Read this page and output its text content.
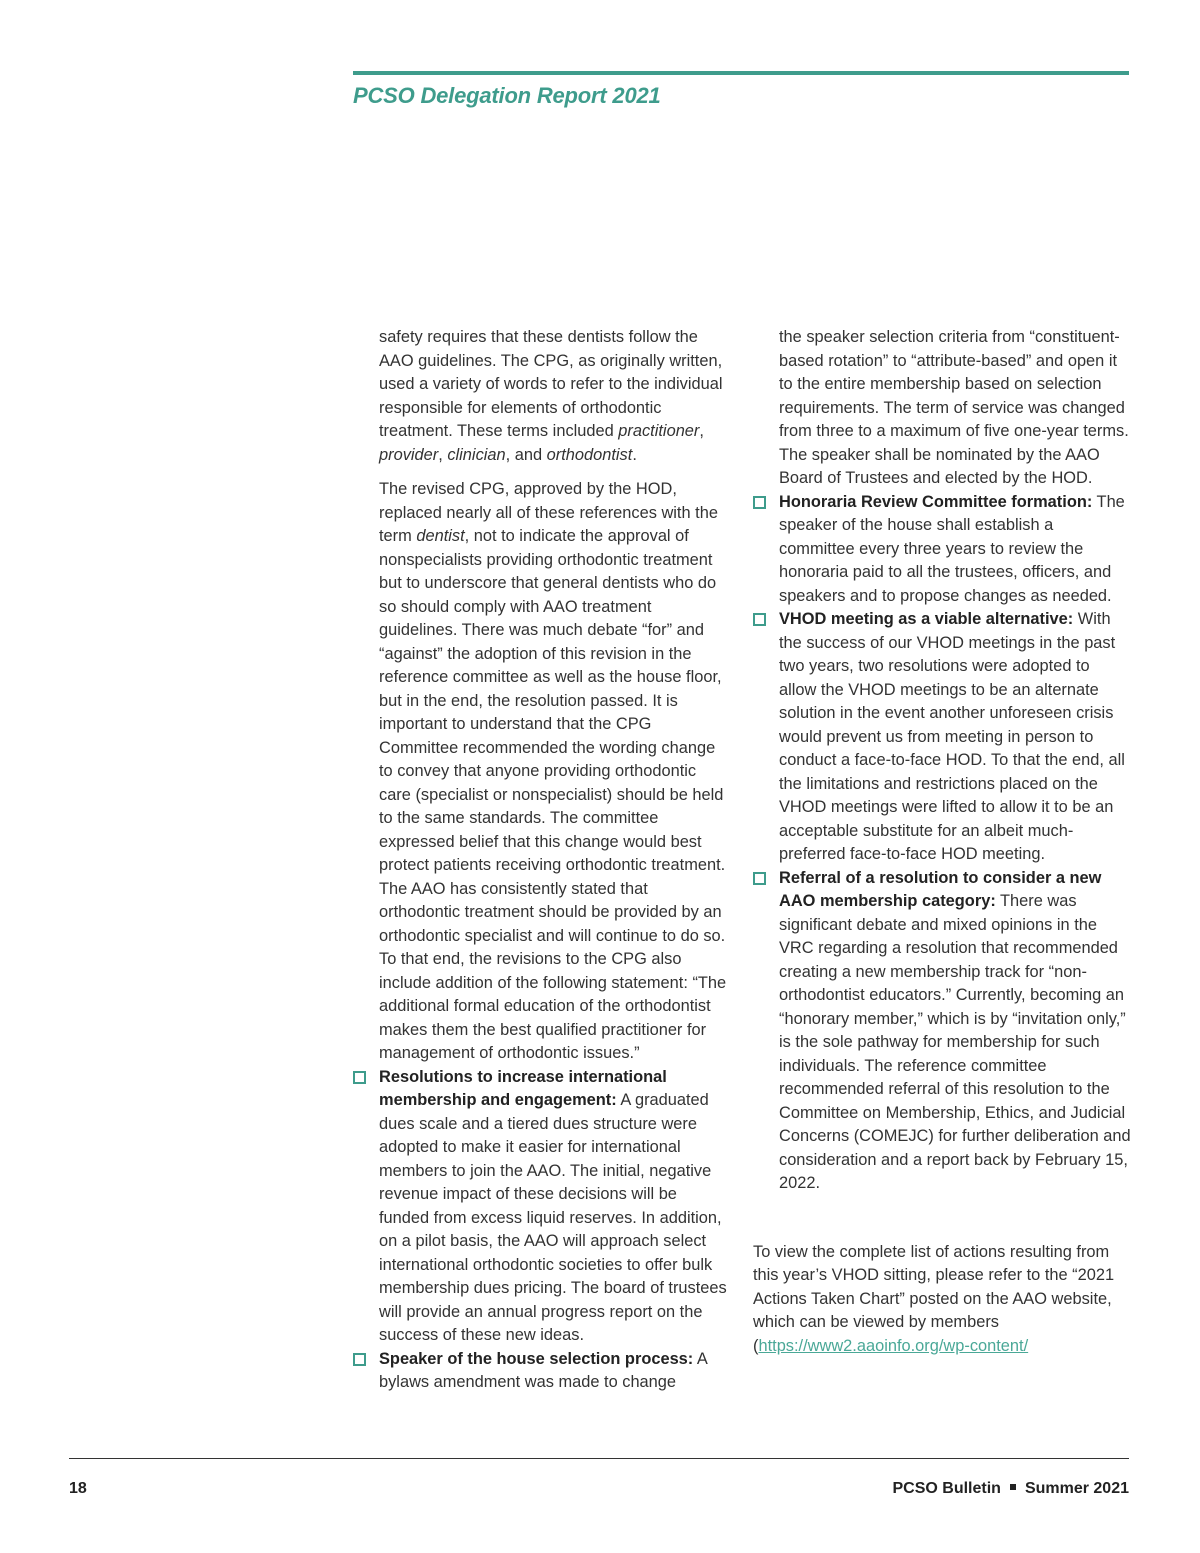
PCSO Delegation Report 2021

safety requires that these dentists follow the AAO guidelines. The CPG, as originally written, used a variety of words to refer to the individual responsible for elements of orthodontic treatment. These terms included practitioner, provider, clinician, and orthodontist.

The revised CPG, approved by the HOD, replaced nearly all of these references with the term dentist, not to indicate the approval of nonspecialists providing orthodontic treatment but to underscore that general dentists who do so should comply with AAO treatment guidelines. There was much debate “for” and “against” the adoption of this revision in the reference committee as well as the house floor, but in the end, the resolution passed. It is important to understand that the CPG Committee recommended the wording change to convey that anyone providing orthodontic care (specialist or nonspecialist) should be held to the same standards. The committee expressed belief that this change would best protect patients receiving orthodontic treatment. The AAO has consistently stated that orthodontic treatment should be provided by an orthodontic specialist and will continue to do so. To that end, the revisions to the CPG also include addition of the following statement: “The additional formal education of the orthodontist makes them the best qualified practitioner for management of orthodontic issues.”

Resolutions to increase international membership and engagement: A graduated dues scale and a tiered dues structure were adopted to make it easier for international members to join the AAO. The initial, negative revenue impact of these decisions will be funded from excess liquid reserves. In addition, on a pilot basis, the AAO will approach select international orthodontic societies to offer bulk membership dues pricing. The board of trustees will provide an annual progress report on the success of these new ideas.
Speaker of the house selection process: A bylaws amendment was made to change

the speaker selection criteria from “constituent-based rotation” to “attribute-based” and open it to the entire membership based on selection requirements. The term of service was changed from three to a maximum of five one-year terms. The speaker shall be nominated by the AAO Board of Trustees and elected by the HOD.

Honoraria Review Committee formation: The speaker of the house shall establish a committee every three years to review the honoraria paid to all the trustees, officers, and speakers and to propose changes as needed.
VHOD meeting as a viable alternative: With the success of our VHOD meetings in the past two years, two resolutions were adopted to allow the VHOD meetings to be an alternate solution in the event another unforeseen crisis would prevent us from meeting in person to conduct a face-to-face HOD. To that the end, all the limitations and restrictions placed on the VHOD meetings were lifted to allow it to be an acceptable substitute for an albeit much-preferred face-to-face HOD meeting.
Referral of a resolution to consider a new AAO membership category: There was significant debate and mixed opinions in the VRC regarding a resolution that recommended creating a new membership track for “non-orthodontist educators.” Currently, becoming an “honorary member,” which is by “invitation only,” is the sole pathway for membership for such individuals. The reference committee recommended referral of this resolution to the Committee on Membership, Ethics, and Judicial Concerns (COMEJC) for further deliberation and consideration and a report back by February 15, 2022.

To view the complete list of actions resulting from this year’s VHOD sitting, please refer to the “2021 Actions Taken Chart” posted on the AAO website, which can be viewed by members (https://www2.aaoinfo.org/wp-content/

18	PCSO Bulletin Summer 2021
